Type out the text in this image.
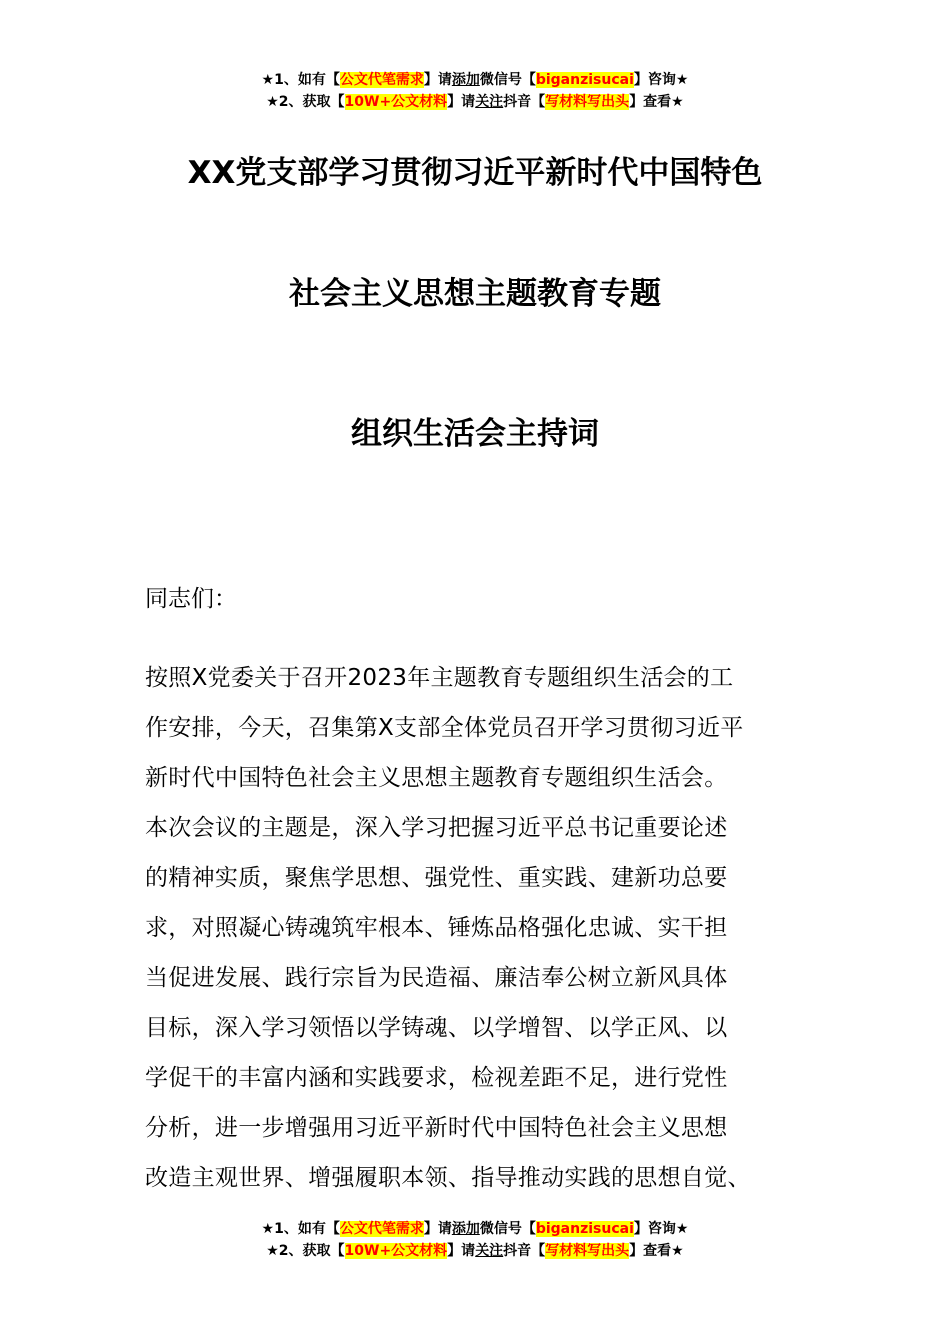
★1、如有【公文代笔需求】请添加微信号【biganzisucai】咨询★
★2、获取【10W+公文材料】请关注抖音【写材料写出头】查看★
XX党支部学习贯彻习近平新时代中国特色
社会主义思想主题教育专题
组织生活会主持词
同志们：
按照X党委关于召开2023年主题教育专题组织生活会的工
作安排，今天，召集第X支部全体党员召开学习贯彻习近平
新时代中国特色社会主义思想主题教育专题组织生活会。
本次会议的主题是，深入学习把握习近平总书记重要论述
的精神实质，聚焦学思想、强党性、重实践、建新功总要
求，对照凝心铸魂筑牢根本、锤炼品格强化忠诚、实干担
当促进发展、践行宗旨为民造福、廉洁奉公树立新风具体
目标，深入学习领悟以学铸魂、以学增智、以学正风、以
学促干的丰富内涵和实践要求，检视差距不足，进行党性
分析，进一步增强用习近平新时代中国特色社会主义思想
改造主观世界、增强履职本领、指导推动实践的思想自觉、
★1、如有【公文代笔需求】请添加微信号【biganzisucai】咨询★
★2、获取【10W+公文材料】请关注抖音【写材料写出头】查看★
